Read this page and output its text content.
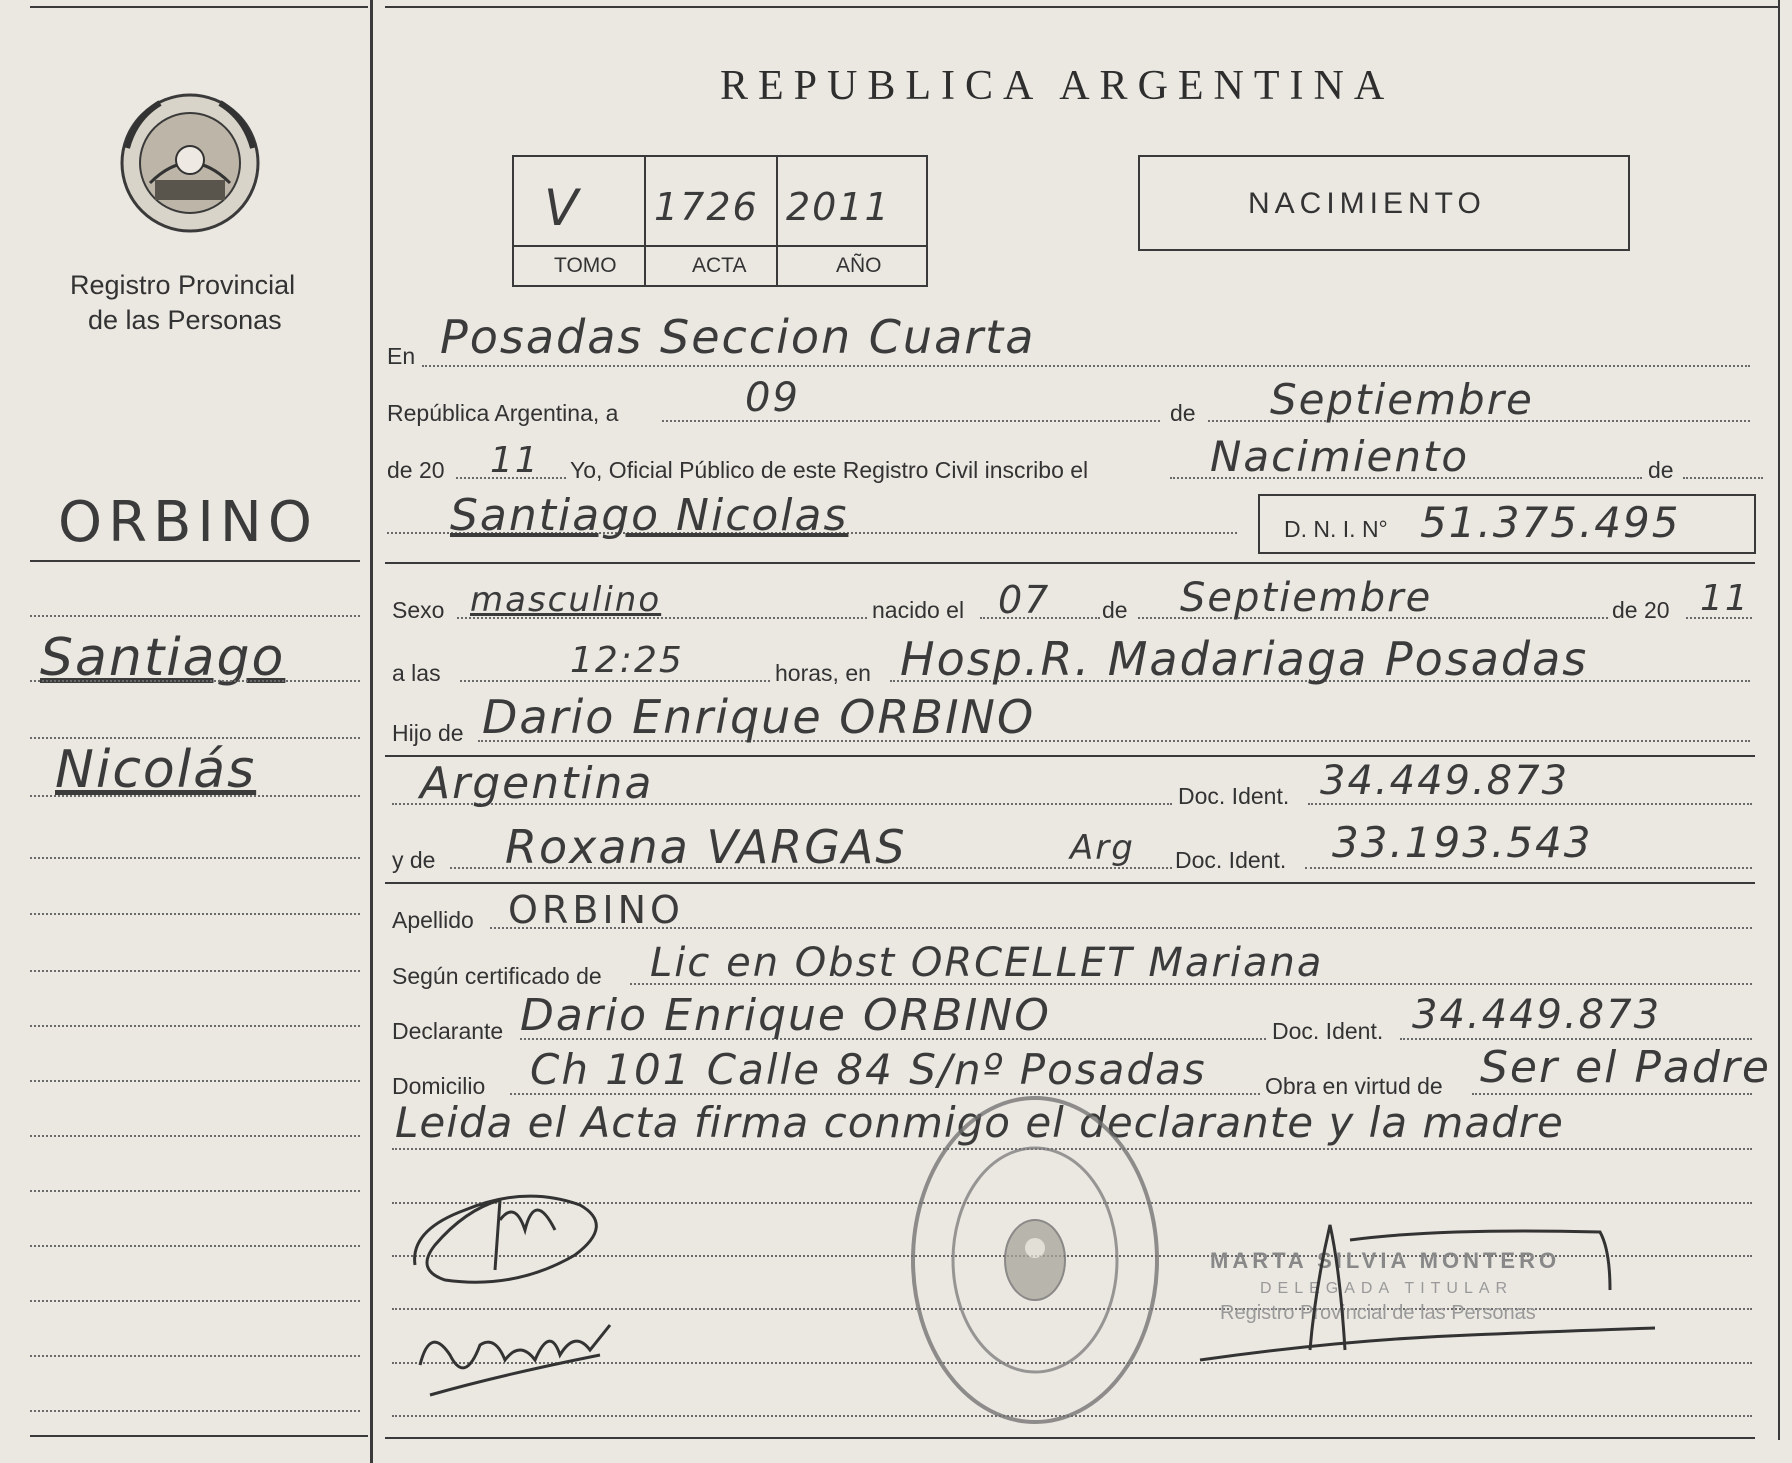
Registro Provincial
de las Personas
REPUBLICA ARGENTINA
V 1726 2011
TOMO	ACTA	AÑO
NACIMIENTO
ORBINO
Santiago
Nicolás
En Posadas Seccion Cuarta
República Argentina, a	09	de Septiembre
de 20 11 Yo, Oficial Público de este Registro Civil inscribo el	Nacimiento	de
Santiago Nicolas	D. N. I. N° 51.375.495
Sexo masculino	nacido el 07 de Septiembre	de 20 11
a las	12:25	horas, en Hosp.R. Madariaga Posadas
Hijo de Dario Enrique ORBINO
Argentina	Doc. Ident. 34.449.873
y de Roxana VARGAS	Arg Doc. Ident. 33.193.543
Apellido ORBINO
Según certificado de Lic en Obst ORCELLET Mariana
Declarante Dario Enrique ORBINO	Doc. Ident. 34.449.873
Domicilio Ch 101 Calle 84 S/nº Posadas	Obra en virtud de Ser el Padre
Leida el Acta firma conmigo el declarante y la madre
MARTA SILVIA MONTERO
DELEGADA TITULAR
Registro Provincial de las Personas
